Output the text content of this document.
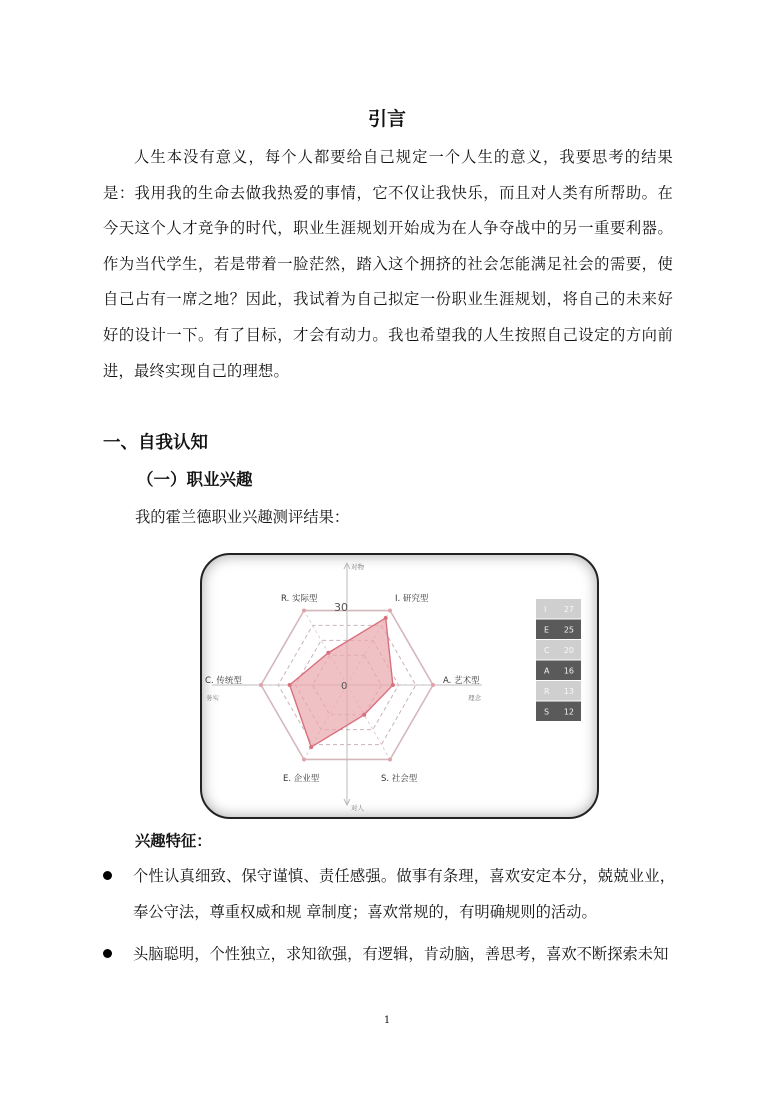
引言
人生本没有意义，每个人都要给自己规定一个人生的意义，我要思考的结果是：我用我的生命去做我热爱的事情，它不仅让我快乐，而且对人类有所帮助。在今天这个人才竞争的时代，职业生涯规划开始成为在人争夺战中的另一重要利器。作为当代学生，若是带着一脸茫然，踏入这个拥挤的社会怎能满足社会的需要，使自己占有一席之地？因此，我试着为自己拟定一份职业生涯规划，将自己的未来好好的设计一下。有了目标，才会有动力。我也希望我的人生按照自己设定的方向前进，最终实现自己的理想。
一、自我认知
（一）职业兴趣
我的霍兰德职业兴趣测评结果：
I. 研究型
A. 艺术型
S. 社会型
E. 企业型
C. 传统型
R. 实际型
30
0
对物
对人
务实	理念
I 27
E 25
C 20
A 16
R 13
S 12
兴趣特征：
个性认真细致、保守谨慎、责任感强。做事有条理，喜欢安定本分，兢兢业业，奉公守法，尊重权威和规 章制度；喜欢常规的，有明确规则的活动。
头脑聪明，个性独立，求知欲强，有逻辑，肯动脑，善思考，喜欢不断探索未知
1
